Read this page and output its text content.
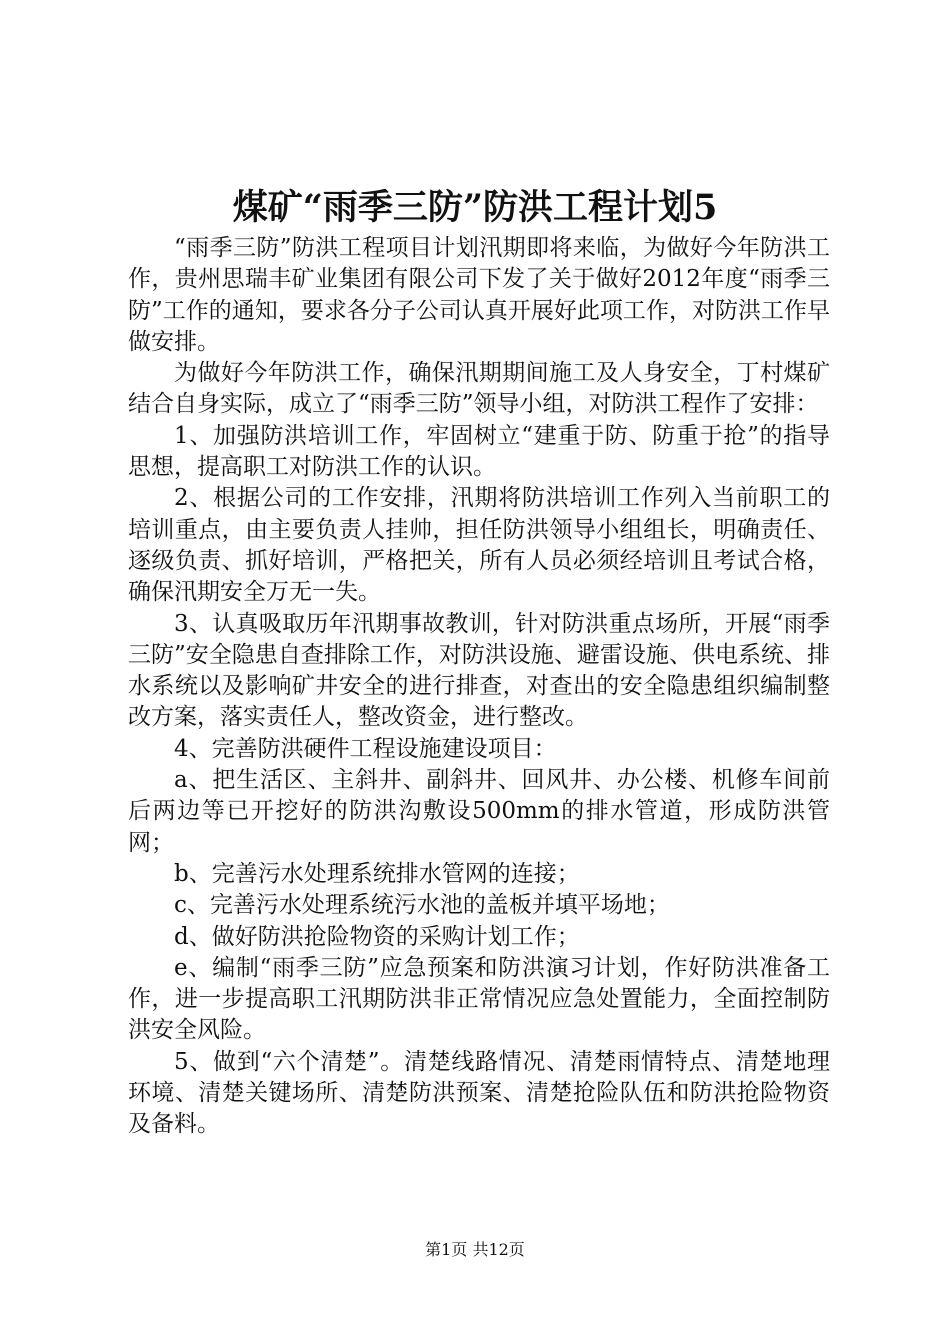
煤矿“雨季三防”防洪工程计划5

“雨季三防”防洪工程项目计划汛期即将来临，为做好今年防洪工作，贵州思瑞丰矿业集团有限公司下发了关于做好2012年度“雨季三防”工作的通知，要求各分子公司认真开展好此项工作，对防洪工作早做安排。

为做好今年防洪工作，确保汛期期间施工及人身安全，丁村煤矿结合自身实际，成立了“雨季三防”领导小组，对防洪工程作了安排：

1、加强防洪培训工作，牢固树立“建重于防、防重于抢”的指导思想，提高职工对防洪工作的认识。

2、根据公司的工作安排，汛期将防洪培训工作列入当前职工的培训重点，由主要负责人挂帅，担任防洪领导小组组长，明确责任、逐级负责、抓好培训，严格把关，所有人员必须经培训且考试合格，确保汛期安全万无一失。

3、认真吸取历年汛期事故教训，针对防洪重点场所，开展“雨季三防”安全隐患自查排除工作，对防洪设施、避雷设施、供电系统、排水系统以及影响矿井安全的进行排查，对查出的安全隐患组织编制整改方案，落实责任人，整改资金，进行整改。

4、完善防洪硬件工程设施建设项目：

a、把生活区、主斜井、副斜井、回风井、办公楼、机修车间前后两边等已开挖好的防洪沟敷设500mm的排水管道，形成防洪管网；

b、完善污水处理系统排水管网的连接；

c、完善污水处理系统污水池的盖板并填平场地；

d、做好防洪抢险物资的采购计划工作；

e、编制“雨季三防”应急预案和防洪演习计划，作好防洪准备工作，进一步提高职工汛期防洪非正常情况应急处置能力，全面控制防洪安全风险。

5、做到“六个清楚”。清楚线路情况、清楚雨情特点、清楚地理环境、清楚关键场所、清楚防洪预案、清楚抢险队伍和防洪抢险物资及备料。

第1页 共12页
